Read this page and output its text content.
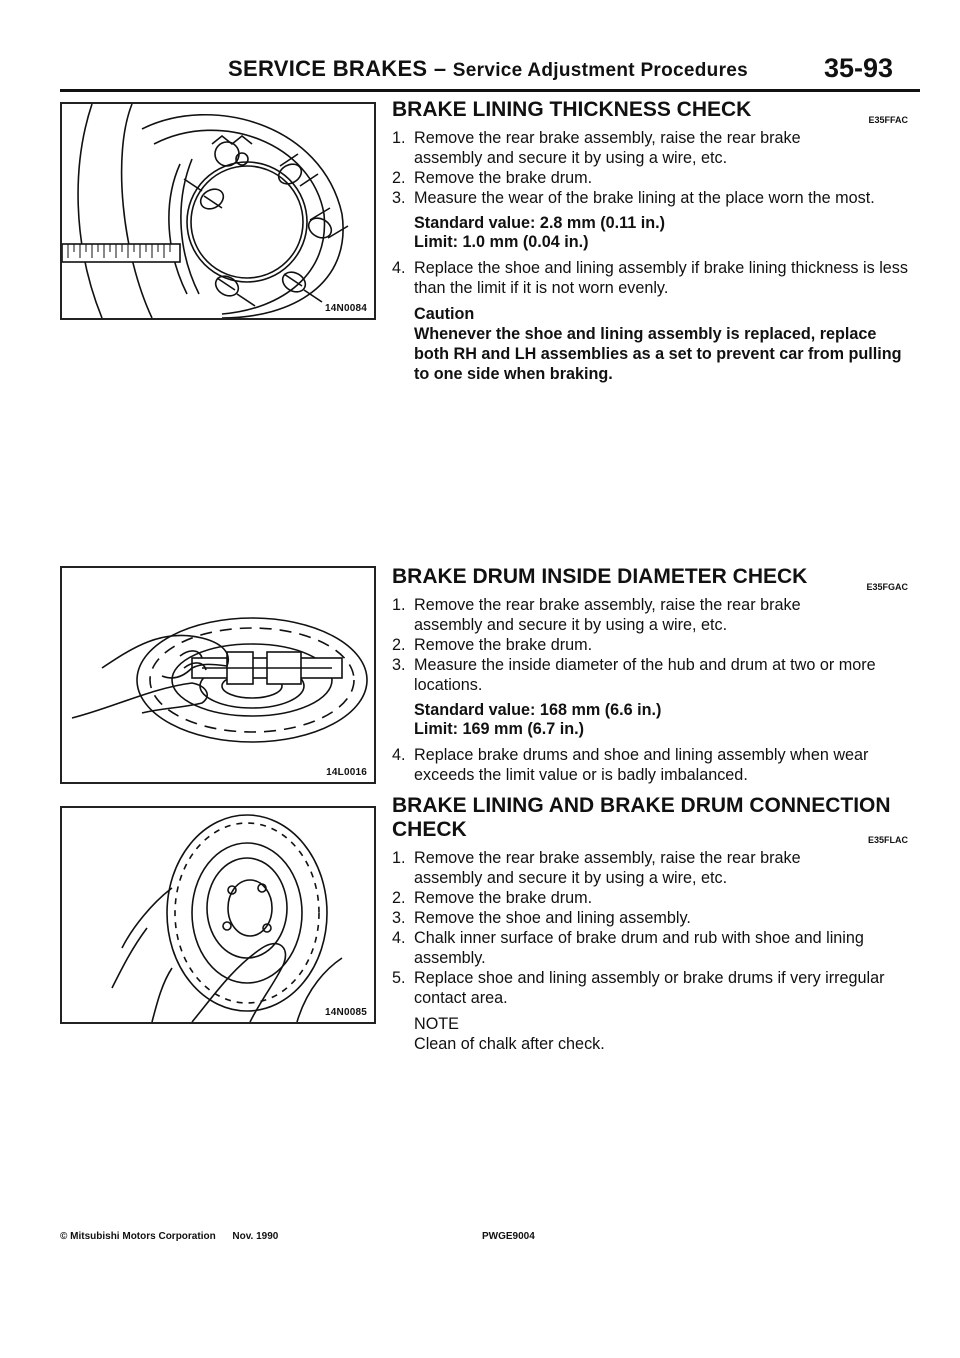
SERVICE BRAKES – Service Adjustment Procedures	35-93
14N0084
14L0016
14N0085
BRAKE LINING THICKNESS CHECK	E35FFAC
1. Remove the rear brake assembly, raise the rear brake assembly and secure it by using a wire, etc.
2. Remove the brake drum.
3. Measure the wear of the brake lining at the place worn the most.
Standard value: 2.8 mm (0.11 in.)
Limit: 1.0 mm (0.04 in.)
4. Replace the shoe and lining assembly if brake lining thickness is less than the limit if it is not worn evenly.
Caution
Whenever the shoe and lining assembly is replaced, replace both RH and LH assemblies as a set to prevent car from pulling to one side when braking.
BRAKE DRUM INSIDE DIAMETER CHECK	E35FGAC
1. Remove the rear brake assembly, raise the rear brake assembly and secure it by using a wire, etc.
2. Remove the brake drum.
3. Measure the inside diameter of the hub and drum at two or more locations.
Standard value: 168 mm (6.6 in.)
Limit: 169 mm (6.7 in.)
4. Replace brake drums and shoe and lining assembly when wear exceeds the limit value or is badly imbalanced.
BRAKE LINING AND BRAKE DRUM CONNECTION
CHECK	E35FLAC
1. Remove the rear brake assembly, raise the rear brake assembly and secure it by using a wire, etc.
2. Remove the brake drum.
3. Remove the shoe and lining assembly.
4. Chalk inner surface of brake drum and rub with shoe and lining assembly.
5. Replace shoe and lining assembly or brake drums if very irregular contact area.
NOTE
Clean of chalk after check.
© Mitsubishi Motors Corporation Nov. 1990	PWGE9004
